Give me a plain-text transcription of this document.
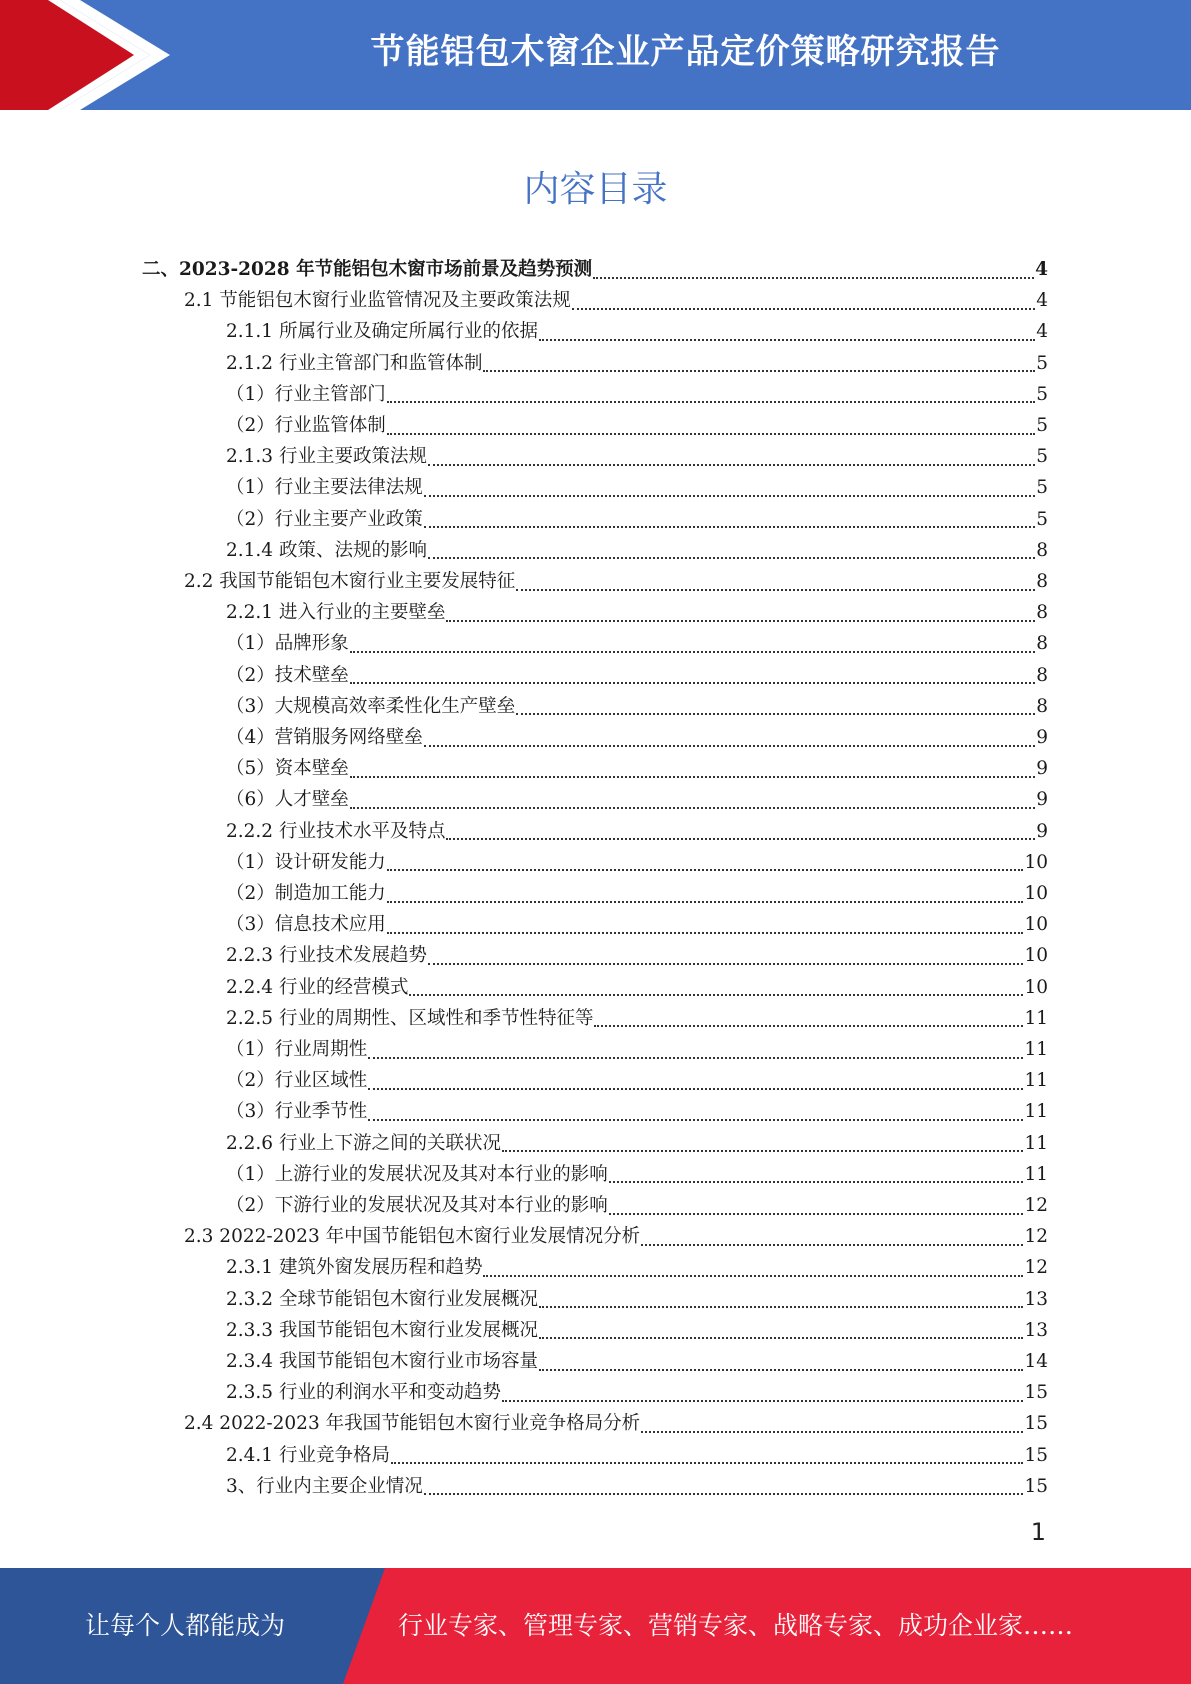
节能铝包木窗企业产品定价策略研究报告
内容目录
二、2023-2028 年节能铝包木窗市场前景及趋势预测	4
2.1 节能铝包木窗行业监管情况及主要政策法规	4
2.1.1 所属行业及确定所属行业的依据	4
2.1.2 行业主管部门和监管体制	5
（1）行业主管部门	5
（2）行业监管体制	5
2.1.3 行业主要政策法规	5
（1）行业主要法律法规	5
（2）行业主要产业政策	5
2.1.4 政策、法规的影响	8
2.2 我国节能铝包木窗行业主要发展特征	8
2.2.1 进入行业的主要壁垒	8
（1）品牌形象	8
（2）技术壁垒	8
（3）大规模高效率柔性化生产壁垒	8
（4）营销服务网络壁垒	9
（5）资本壁垒	9
（6）人才壁垒	9
2.2.2 行业技术水平及特点	9
（1）设计研发能力	10
（2）制造加工能力	10
（3）信息技术应用	10
2.2.3 行业技术发展趋势	10
2.2.4 行业的经营模式	10
2.2.5 行业的周期性、区域性和季节性特征等	11
（1）行业周期性	11
（2）行业区域性	11
（3）行业季节性	11
2.2.6 行业上下游之间的关联状况	11
（1）上游行业的发展状况及其对本行业的影响	11
（2）下游行业的发展状况及其对本行业的影响	12
2.3 2022-2023 年中国节能铝包木窗行业发展情况分析	12
2.3.1 建筑外窗发展历程和趋势	12
2.3.2 全球节能铝包木窗行业发展概况	13
2.3.3 我国节能铝包木窗行业发展概况	13
2.3.4 我国节能铝包木窗行业市场容量	14
2.3.5 行业的利润水平和变动趋势	15
2.4 2022-2023 年我国节能铝包木窗行业竞争格局分析	15
2.4.1 行业竞争格局	15
3、行业内主要企业情况	15
1
让每个人都能成为	行业专家、管理专家、营销专家、战略专家、成功企业家……
